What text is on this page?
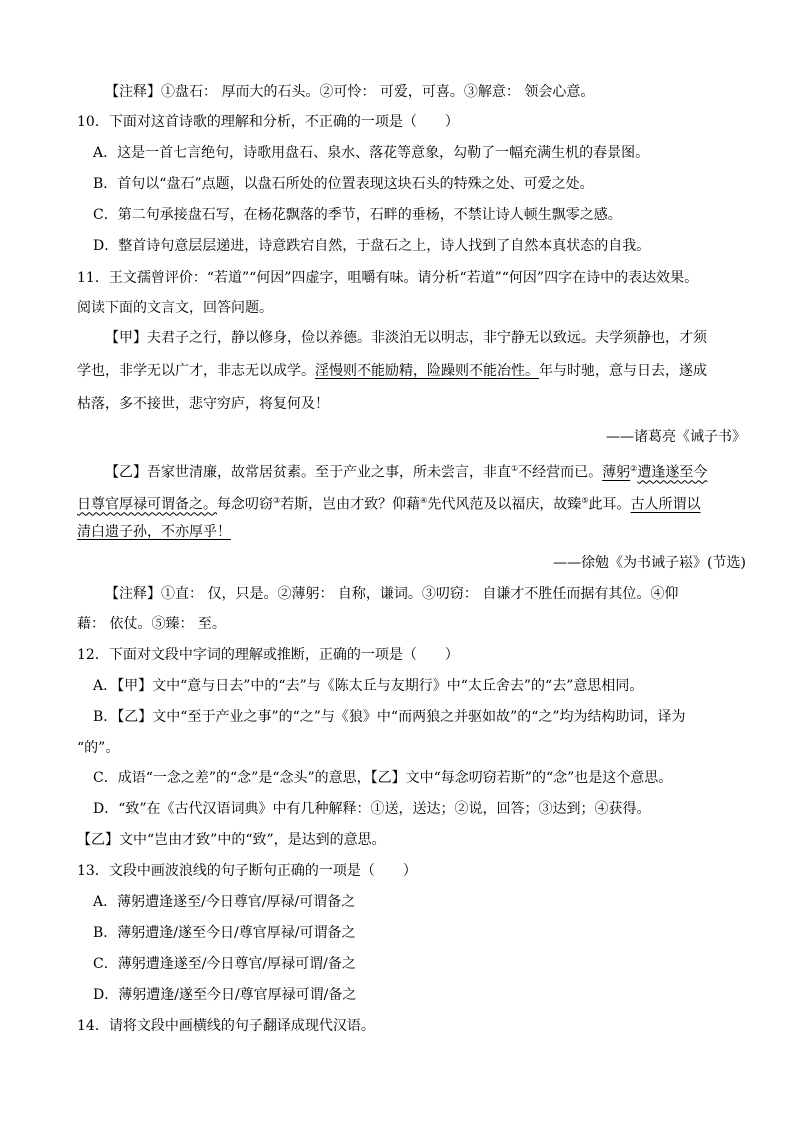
【注释】①盘石： 厚而大的石头。②可怜： 可爱，可喜。③解意： 领会心意。
10．下面对这首诗歌的理解和分析，不正确的一项是（　　）
A．这是一首七言绝句，诗歌用盘石、泉水、落花等意象，勾勒了一幅充满生机的春景图。
B．首句以“盘石”点题，以盘石所处的位置表现这块石头的特殊之处、可爱之处。
C．第二句承接盘石写，在杨花飘落的季节，石畔的垂杨，不禁让诗人顿生飘零之感。
D．整首诗句意层层递进，诗意跌宕自然，于盘石之上，诗人找到了自然本真状态的自我。
11．王文孺曾评价：“若道”“何因”四虚字，咀嚼有味。请分析“若道”“何因”四字在诗中的表达效果。
阅读下面的文言文，回答问题。
【甲】夫君子之行，静以修身，俭以养德。非淡泊无以明志，非宁静无以致远。夫学须静也，才须
学也，非学无以广才，非志无以成学。淫慢则不能励精，险躁则不能冶性。年与时驰，意与日去，遂成
枯落，多不接世，悲守穷庐，将复何及！
——诸葛亮《诫子书》
【乙】吾家世清廉，故常居贫素。至于产业之事，所未尝言，非直①不经营而已。薄躬②遭逢遂至今
日尊官厚禄可谓备之。每念叨窃③若斯，岂由才致？仰藉④先代风范及以福庆，故臻⑤此耳。古人所谓以
清白遗子孙，不亦厚乎！
——徐勉《为书诫子崧》(节选)
【注释】①直： 仅，只是。②薄躬： 自称，谦词。③叨窃： 自谦才不胜任而据有其位。④仰
藉： 依仗。⑤臻： 至。
12．下面对文段中字词的理解或推断，正确的一项是（　　）
A．【甲】文中“意与日去”中的“去”与《陈太丘与友期行》中“太丘舍去”的“去”意思相同。
B．【乙】文中“至于产业之事”的“之”与《狼》中“而两狼之并驱如故”的“之”均为结构助词，译为
“的”。
C．成语“一念之差”的“念”是“念头”的意思，【乙】文中“每念叨窃若斯”的“念”也是这个意思。
D．“致”在《古代汉语词典》中有几种解释：①送，送达；②说，回答；③达到；④获得。
【乙】文中“岂由才致”中的“致”，是达到的意思。
13．文段中画波浪线的句子断句正确的一项是（　　）
A．薄躬遭逢遂至/今日尊官/厚禄/可谓备之
B．薄躬遭逢/遂至今日/尊官厚禄/可谓备之
C．薄躬遭逢遂至/今日尊官/厚禄可谓/备之
D．薄躬遭逢/遂至今日/尊官厚禄可谓/备之
14．请将文段中画横线的句子翻译成现代汉语。
